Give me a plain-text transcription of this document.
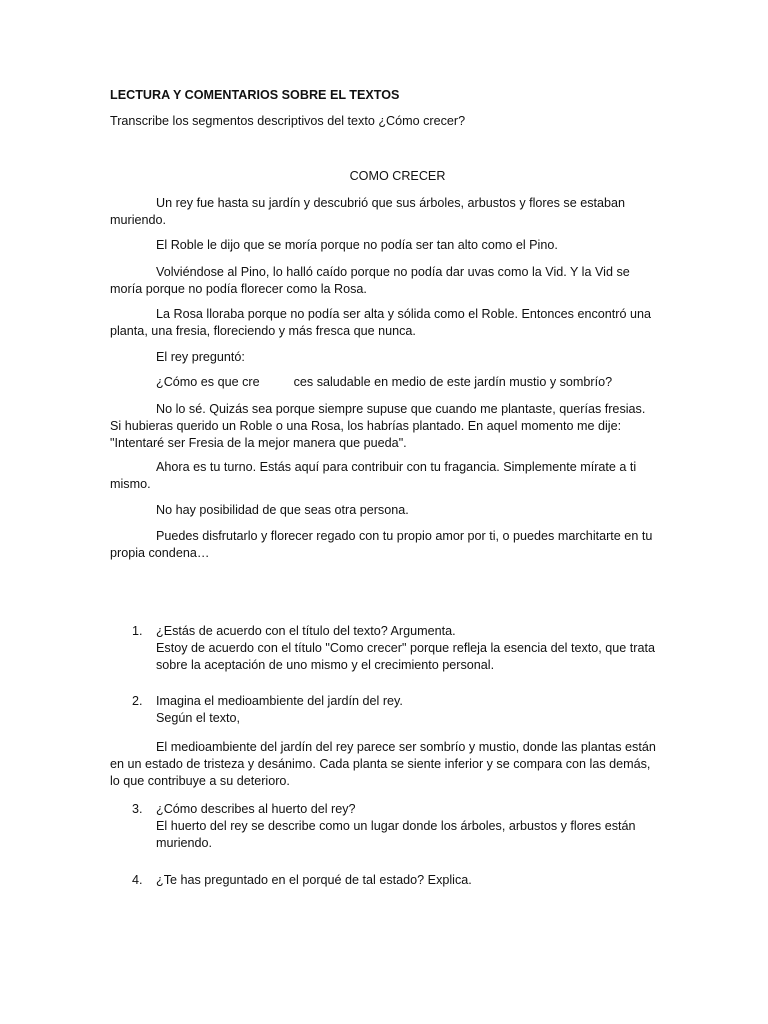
LECTURA Y COMENTARIOS SOBRE EL TEXTOS

Transcribe los segmentos descriptivos del texto ¿Cómo crecer?

COMO CRECER

Un rey fue hasta su jardín y descubrió que sus árboles, arbustos y flores se estaban muriendo.

El Roble le dijo que se moría porque no podía ser tan alto como el Pino.

Volviéndose al Pino, lo halló caído porque no podía dar uvas como la Vid. Y la Vid se moría porque no podía florecer como la Rosa.

La Rosa lloraba porque no podía ser alta y sólida como el Roble. Entonces encontró una planta, una fresia, floreciendo y más fresca que nunca.

El rey preguntó:

¿Cómo es que cre	ces saludable en medio de este jardín mustio y sombrío?

No lo sé. Quizás sea porque siempre supuse que cuando me plantaste, querías fresias. Si hubieras querido un Roble o una Rosa, los habrías plantado. En aquel momento me dije: "Intentaré ser Fresia de la mejor manera que pueda".

Ahora es tu turno. Estás aquí para contribuir con tu fragancia. Simplemente mírate a ti mismo.

No hay posibilidad de que seas otra persona.

Puedes disfrutarlo y florecer regado con tu propio amor por ti, o puedes marchitarte en tu propia condena…

1. ¿Estás de acuerdo con el título del texto? Argumenta.
Estoy de acuerdo con el título "Como crecer" porque refleja la esencia del texto, que trata sobre la aceptación de uno mismo y el crecimiento personal.
2. Imagina el medioambiente del jardín del rey.
Según el texto,

El medioambiente del jardín del rey parece ser sombrío y mustio, donde las plantas están en un estado de tristeza y desánimo. Cada planta se siente inferior y se compara con las demás, lo que contribuye a su deterioro.

3. ¿Cómo describes al huerto del rey?
El huerto del rey se describe como un lugar donde los árboles, arbustos y flores están muriendo.
4. ¿Te has preguntado en el porqué de tal estado? Explica.
